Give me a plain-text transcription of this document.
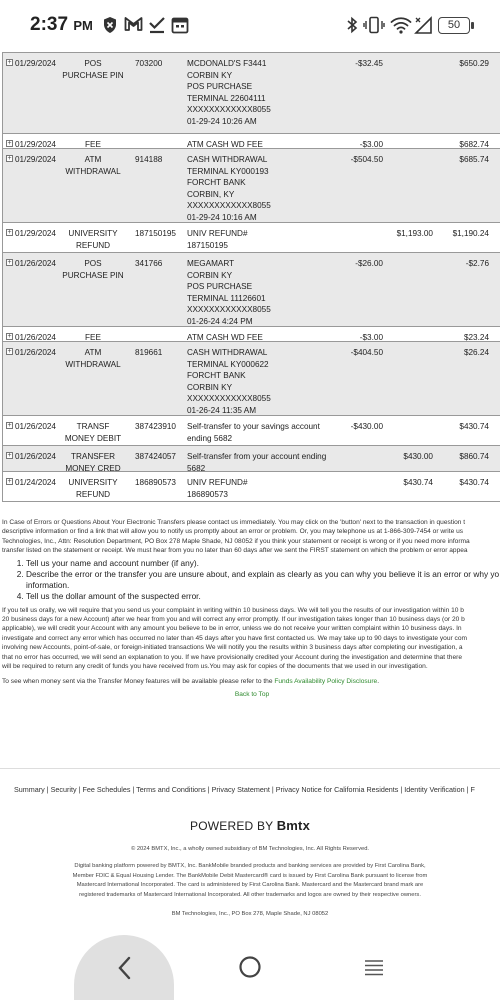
2:37 PM	50
+ 01/29/2024	POS
PURCHASE PIN
703200	MCDONALD'S F3441
CORBIN KY
POS PURCHASE
TERMINAL 22604111
XXXXXXXXXXXX8055
01-29-24 10:26 AM
-$32.45	$650.29
+ 01/29/2024	FEE	ATM CASH WD FEE	-$3.00	$682.74
+ 01/29/2024	ATM
WITHDRAWAL
914188	CASH WITHDRAWAL
TERMINAL KY000193
FORCHT BANK
CORBIN, KY
XXXXXXXXXXXX8055
01-29-24 10:16 AM
-$504.50	$685.74
+ 01/29/2024	UNIVERSITY
REFUND
187150195 UNIV REFUND#
187150195
$1,193.00	$1,190.24
+ 01/26/2024	POS
PURCHASE PIN
341766	MEGAMART
CORBIN KY
POS PURCHASE
TERMINAL 11126601
XXXXXXXXXXXX8055
01-26-24 4:24 PM
-$26.00	-$2.76
+ 01/26/2024	FEE	ATM CASH WD FEE	-$3.00	$23.24
+ 01/26/2024	ATM
WITHDRAWAL
819661	CASH WITHDRAWAL
TERMINAL KY000622
FORCHT BANK
CORBIN KY
XXXXXXXXXXXX8055
01-26-24 11:35 AM
-$404.50	$26.24
+ 01/26/2024	TRANSF
MONEY DEBIT
387423910 Self-transfer to your savings account
ending 5682
-$430.00	$430.74
+ 01/26/2024	TRANSFER
MONEY CRED
387424057 Self-transfer from your account ending
5682
$430.00	$860.74
+ 01/24/2024	UNIVERSITY
REFUND
186890573 UNIV REFUND#
186890573
$430.74	$430.74

In Case of Errors or Questions About Your Electronic Transfers please contact us immediately. You may click on the 'button' next to the transaction in question t

descriptive information or find a link that will allow you to notify us promptly about an error or problem. Or, you may telephone us at 1-866-309-7454 or write us

Technologies, Inc., Attn: Resolution Department, PO Box 278 Maple Shade, NJ 08052 if you think your statement or receipt is wrong or if you need more informa

transfer listed on the statement or receipt. We must hear from you no later than 60 days after we sent the FIRST statement on which the problem or error appea

1. Tell us your name and account number (if any).
2. Describe the error or the transfer you are unsure about, and explain as clearly as you can why you believe it is an error or why yo
information.
4. Tell us the dollar amount of the suspected error.

If you tell us orally, we will require that you send us your complaint in writing within 10 business days. We will tell you the results of our investigation within 10 b

20 business days for a new Account) after we hear from you and will correct any error promptly. If our investigation takes longer than 10 business days (or 20 b

applicable), we will credit your Account with any amount you believe to be in error, unless we do not receive your written complaint within 10 business days. In

investigate and correct any error which has occurred no later than 45 days after you have first contacted us. We may take up to 90 days to investigate your com

involving new Accounts, point-of-sale, or foreign-initiated transactions We will notify you the results within 3 business days after completing our investigation, a

that no error has occurred, we will send an explanation to you. If we have provisionally credited your Account during the investigation and determine that there

will be required to return any credit of funds you have received from us.You may ask for copies of the documents that we used in our investigation.

To see when money sent via the Transfer Money features will be available please refer to the Funds Availability Policy Disclosure.

Back to Top
Summary | Security | Fee Schedules | Terms and Conditions | Privacy Statement | Privacy Notice for California Residents | Identity Verification | F
POWERED BY Bmtx
© 2024 BMTX, Inc., a wholly owned subsidiary of BM Technologies, Inc. All Rights Reserved.
Digital banking platform powered by BMTX, Inc. BankMobile branded products and banking services are provided by First Carolina Bank,
Member FDIC & Equal Housing Lender. The BankMobile Debit Mastercard® card is issued by First Carolina Bank pursuant to license from
Mastercard International Incorporated. The card is administered by First Carolina Bank. Mastercard and the Mastercard brand mark are
registered trademarks of Mastercard International Incorporated. All other trademarks and logos are owned by their respective owners.
BM Technologies, Inc., PO Box 278, Maple Shade, NJ 08052
